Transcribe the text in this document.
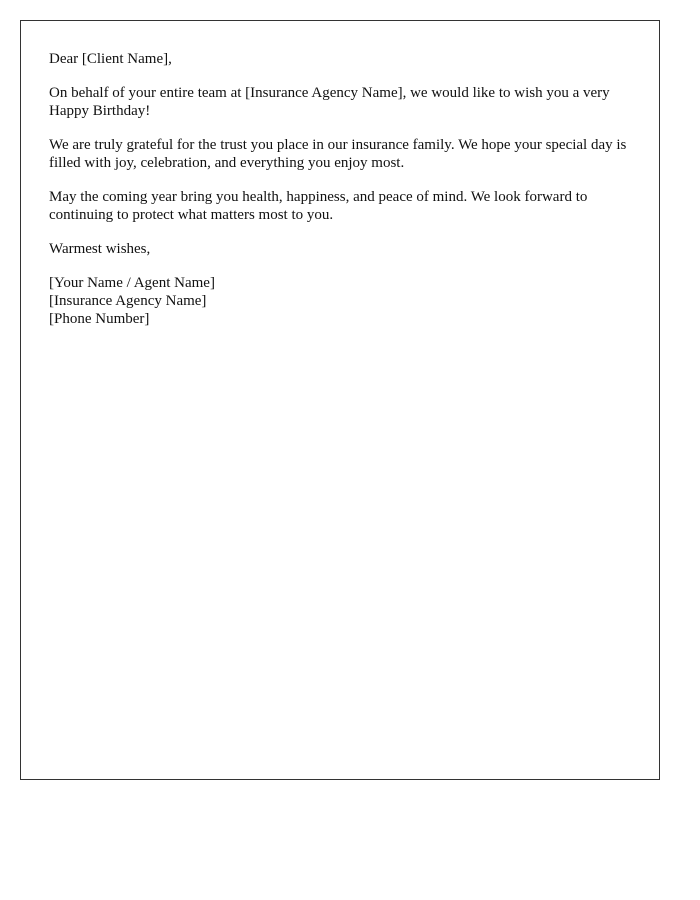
Dear [Client Name],

On behalf of your entire team at [Insurance Agency Name], we would like to wish you a very Happy Birthday!

We are truly grateful for the trust you place in our insurance family. We hope your special day is filled with joy, celebration, and everything you enjoy most.

May the coming year bring you health, happiness, and peace of mind. We look forward to continuing to protect what matters most to you.

Warmest wishes,

[Your Name / Agent Name]
[Insurance Agency Name]
[Phone Number]
